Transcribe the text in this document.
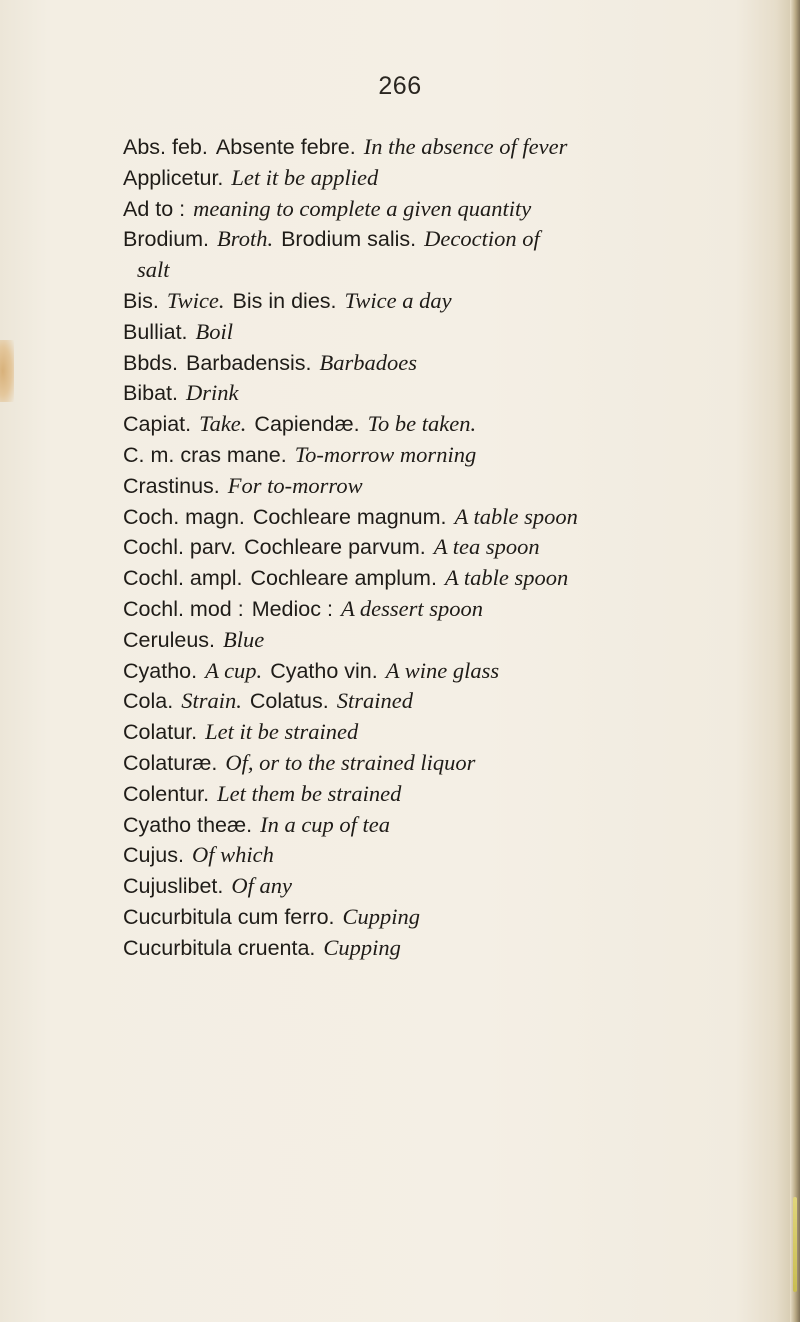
266
Abs. feb. Absente febre. In the absence of fever
Applicetur. Let it be applied
Ad to : meaning to complete a given quantity
Brodium. Broth. Brodium salis. Decoction of
salt
Bis. Twice. Bis in dies. Twice a day
Bulliat. Boil
Bbds. Barbadensis. Barbadoes
Bibat. Drink
Capiat. Take. Capiendæ. To be taken.
C. m. cras mane. To-morrow morning
Crastinus. For to-morrow
Coch. magn. Cochleare magnum. A table spoon
Cochl. parv. Cochleare parvum. A tea spoon
Cochl. ampl. Cochleare amplum. A table spoon
Cochl. mod : Medioc : A dessert spoon
Ceruleus. Blue
Cyatho. A cup. Cyatho vin. A wine glass
Cola. Strain. Colatus. Strained
Colatur. Let it be strained
Colaturæ. Of, or to the strained liquor
Colentur. Let them be strained
Cyatho theæ. In a cup of tea
Cujus. Of which
Cujuslibet. Of any
Cucurbitula cum ferro. Cupping
Cucurbitula cruenta. Cupping
